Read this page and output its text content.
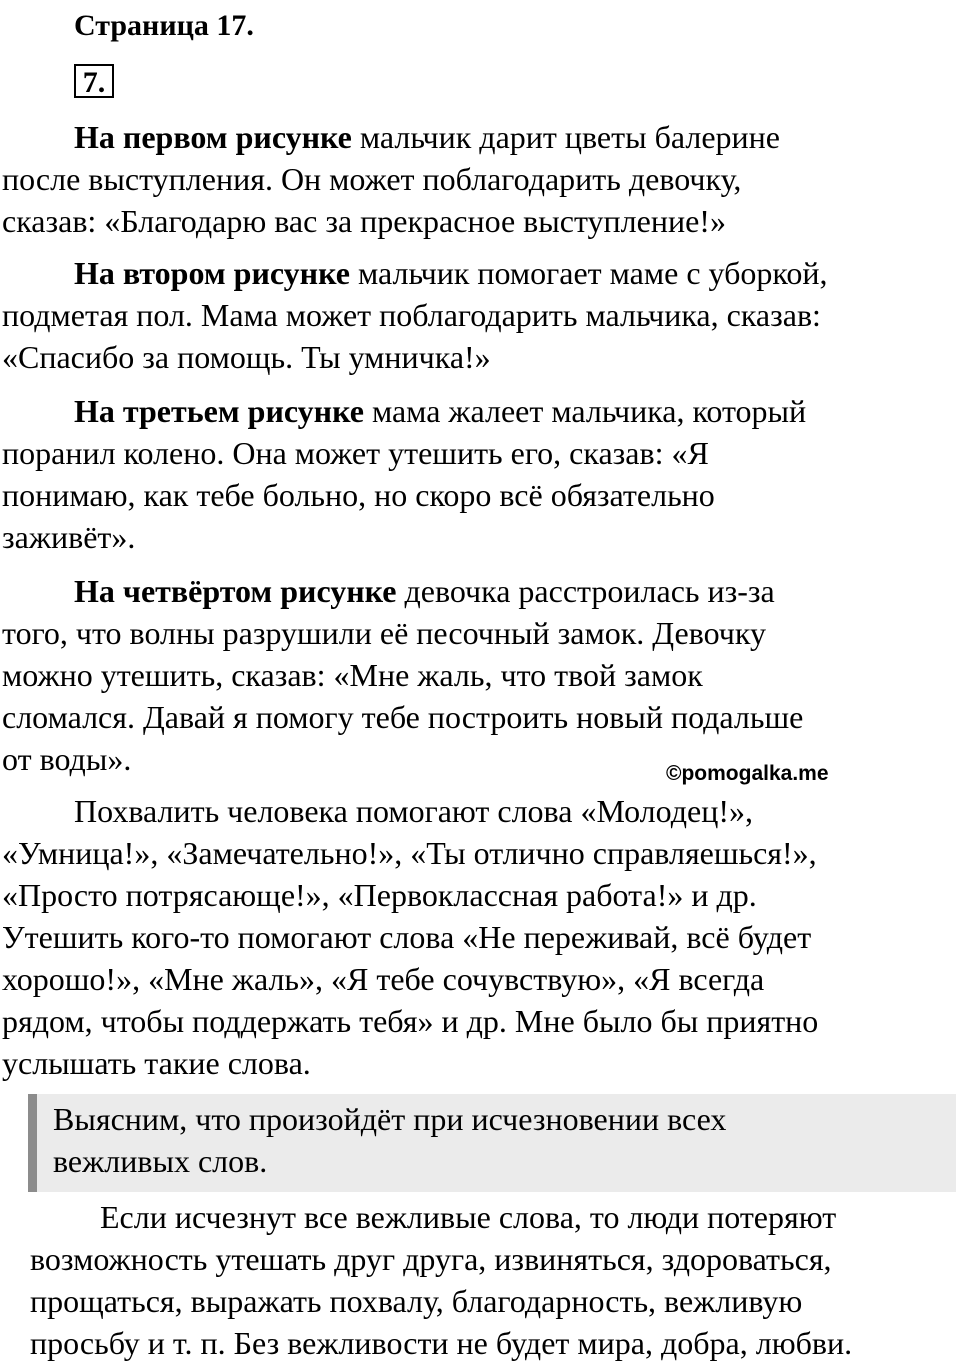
Страница 17.
7.

На первом рисунке мальчик дарит цветы балерине
после выступления. Он может поблагодарить девочку,
сказав: «Благодарю вас за прекрасное выступление!»

На втором рисунке мальчик помогает маме с уборкой,
подметая пол. Мама может поблагодарить мальчика, сказав:
«Спасибо за помощь. Ты умничка!»

На третьем рисунке мама жалеет мальчика, который
поранил колено. Она может утешить его, сказав: «Я
понимаю, как тебе больно, но скоро всё обязательно
заживёт».

На четвёртом рисунке девочка расстроилась из-за
того, что волны разрушили её песочный замок. Девочку
можно утешить, сказав: «Мне жаль, что твой замок
сломался. Давай я помогу тебе построить новый подальше
от воды».	©pomogalka.me

Похвалить человека помогают слова «Молодец!»,
«Умница!», «Замечательно!», «Ты отлично справляешься!»,
«Просто потрясающе!», «Первоклассная работа!» и др.
Утешить кого-то помогают слова «Не переживай, всё будет
хорошо!», «Мне жаль», «Я тебе сочувствую», «Я всегда
рядом, чтобы поддержать тебя» и др. Мне было бы приятно
услышать такие слова.

Выясним, что произойдёт при исчезновении всех
вежливых слов.

Если исчезнут все вежливые слова, то люди потеряют
возможность утешать друг друга, извиняться, здороваться,
прощаться, выражать похвалу, благодарность, вежливую
просьбу и т. п. Без вежливости не будет мира, добра, любви.
